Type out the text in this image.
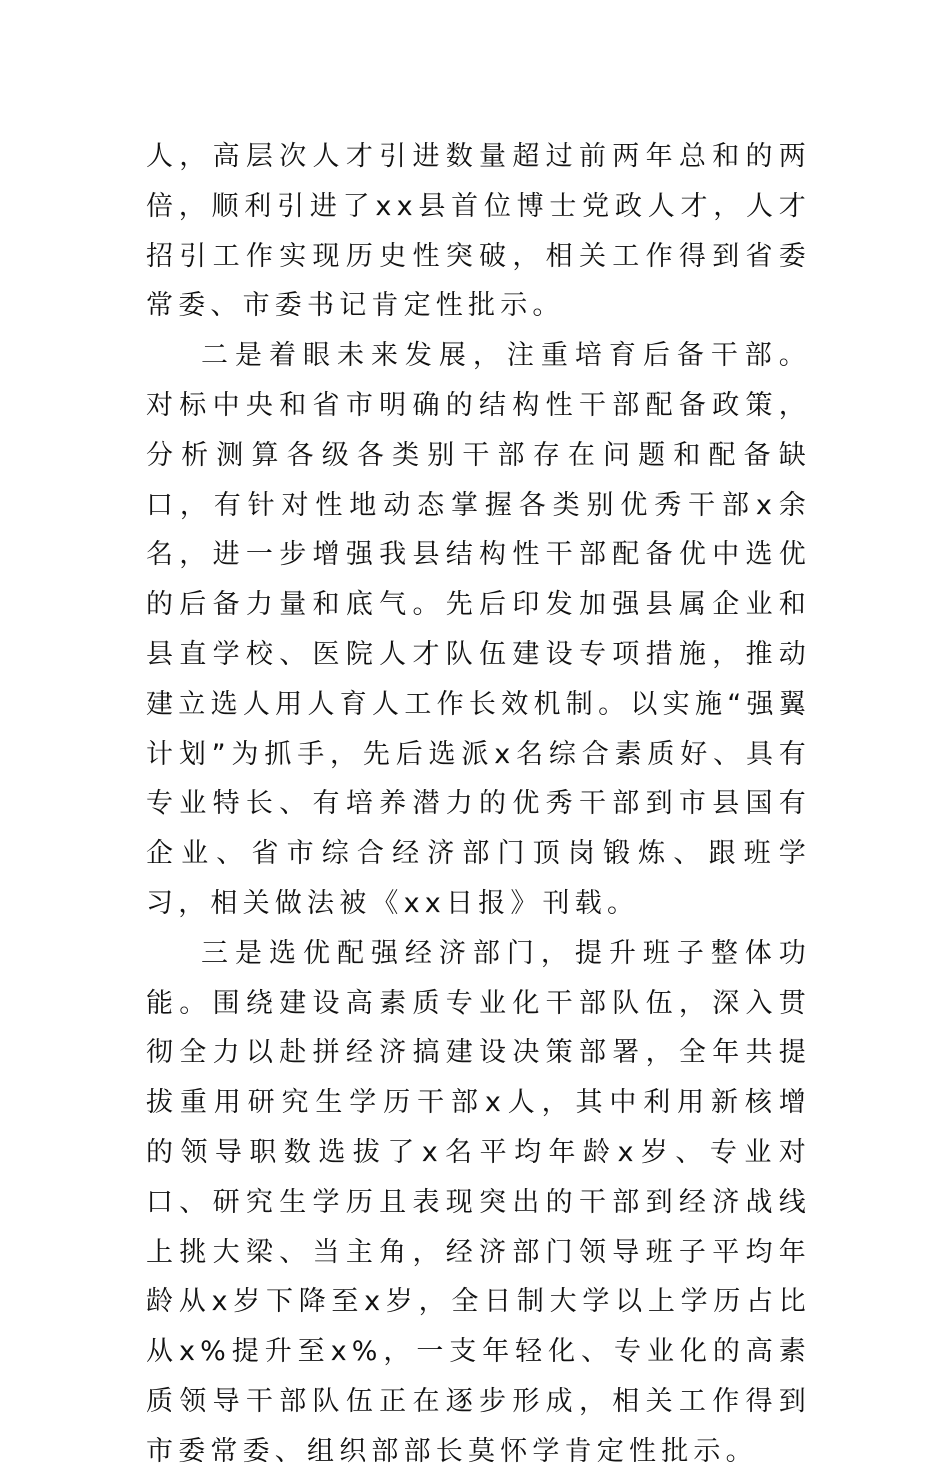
人，高层次人才引进数量超过前两年总和的两倍，顺利引进了xx县首位博士党政人才，人才招引工作实现历史性突破，相关工作得到省委常委、市委书记肯定性批示。

二是着眼未来发展，注重培育后备干部。对标中央和省市明确的结构性干部配备政策，分析测算各级各类别干部存在问题和配备缺口，有针对性地动态掌握各类别优秀干部x余名，进一步增强我县结构性干部配备优中选优的后备力量和底气。先后印发加强县属企业和县直学校、医院人才队伍建设专项措施，推动建立选人用人育人工作长效机制。以实施“强翼计划”为抓手，先后选派x名综合素质好、具有专业特长、有培养潜力的优秀干部到市县国有企业、省市综合经济部门顶岗锻炼、跟班学习，相关做法被《xx日报》刊载。

三是选优配强经济部门，提升班子整体功能。围绕建设高素质专业化干部队伍，深入贯彻全力以赴拼经济搞建设决策部署，全年共提拔重用研究生学历干部x人，其中利用新核增的领导职数选拔了x名平均年龄x岁、专业对口、研究生学历且表现突出的干部到经济战线上挑大梁、当主角，经济部门领导班子平均年龄从x岁下降至x岁，全日制大学以上学历占比从x%提升至x%，一支年轻化、专业化的高素质领导干部队伍正在逐步形成，相关工作得到市委常委、组织部部长莫怀学肯定性批示。
